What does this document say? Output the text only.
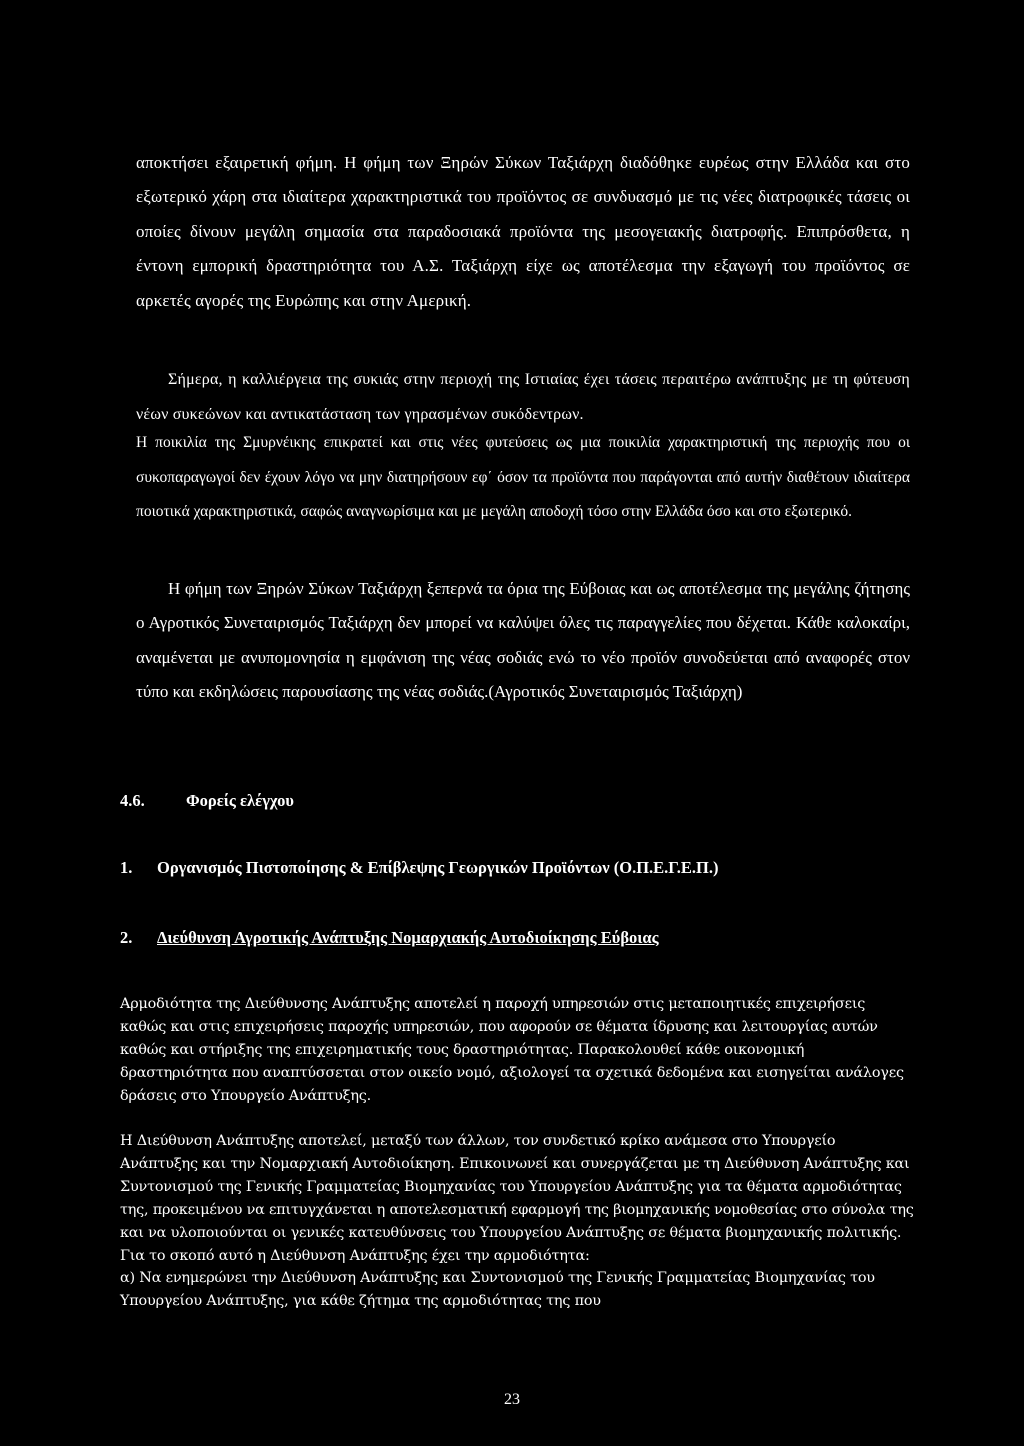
αποκτήσει εξαιρετική φήμη. Η φήμη των Ξηρών Σύκων Ταξιάρχη διαδόθηκε ευρέως στην Ελλάδα και στο εξωτερικό χάρη στα ιδιαίτερα χαρακτηριστικά του προϊόντος σε συνδυασμό με τις νέες διατροφικές τάσεις οι οποίες δίνουν μεγάλη σημασία στα παραδοσιακά προϊόντα της μεσογειακής διατροφής. Επιπρόσθετα, η έντονη εμπορική δραστηριότητα του Α.Σ. Ταξιάρχη είχε ως αποτέλεσμα την εξαγωγή του προϊόντος σε αρκετές αγορές της Ευρώπης και στην Αμερική.

Σήμερα, η καλλιέργεια της συκιάς στην περιοχή της Ιστιαίας έχει τάσεις περαιτέρω ανάπτυξης με τη φύτευση νέων συκεώνων και αντικατάσταση των γηρασμένων συκόδεντρων.

Η ποικιλία της Σμυρνέικης επικρατεί και στις νέες φυτεύσεις ως μια ποικιλία χαρακτηριστική της περιοχής που οι συκοπαραγωγοί δεν έχουν λόγο να μην διατηρήσουν εφ΄ όσον τα προϊόντα που παράγονται από αυτήν διαθέτουν ιδιαίτερα ποιοτικά χαρακτηριστικά, σαφώς αναγνωρίσιμα και με μεγάλη αποδοχή τόσο στην Ελλάδα όσο και στο εξωτερικό.

Η φήμη των Ξηρών Σύκων Ταξιάρχη ξεπερνά τα όρια της Εύβοιας και ως αποτέλεσμα της μεγάλης ζήτησης ο Αγροτικός Συνεταιρισμός Ταξιάρχη δεν μπορεί να καλύψει όλες τις παραγγελίες που δέχεται. Κάθε καλοκαίρι, αναμένεται με ανυπομονησία η εμφάνιση της νέας σοδιάς ενώ το νέο προϊόν συνοδεύεται από αναφορές στον τύπο και εκδηλώσεις παρουσίασης της νέας σοδιάς.(Αγροτικός Συνεταιρισμός Ταξιάρχη)

4.6.	Φορείς ελέγχου

1. Οργανισμός Πιστοποίησης & Επίβλεψης Γεωργικών Προϊόντων (Ο.Π.Ε.Γ.Ε.Π.)

2. Διεύθυνση Αγροτικής Ανάπτυξης Νομαρχιακής Αυτοδιοίκησης Εύβοιας

Αρμοδιότητα της Διεύθυνσης Ανάπτυξης αποτελεί η παροχή υπηρεσιών στις μεταποιητικές επιχειρήσεις καθώς και στις επιχειρήσεις παροχής υπηρεσιών, που αφορούν σε θέματα ίδρυσης και λειτουργίας αυτών καθώς και στήριξης της επιχειρηματικής τους δραστηριότητας. Παρακολουθεί κάθε οικονομική δραστηριότητα που αναπτύσσεται στον οικείο νομό, αξιολογεί τα σχετικά δεδομένα και εισηγείται ανάλογες δράσεις στο Υπουργείο Ανάπτυξης.

Η Διεύθυνση Ανάπτυξης αποτελεί, μεταξύ των άλλων, τον συνδετικό κρίκο ανάμεσα στο Υπουργείο Ανάπτυξης και την Νομαρχιακή Αυτοδιοίκηση. Επικοινωνεί και συνεργάζεται με τη Διεύθυνση Ανάπτυξης και Συντονισμού της Γενικής Γραμματείας Βιομηχανίας του Υπουργείου Ανάπτυξης για τα θέματα αρμοδιότητας της, προκειμένου να επιτυγχάνεται η αποτελεσματική εφαρμογή της βιομηχανικής νομοθεσίας στο σύνολα της και να υλοποιούνται οι γενικές κατευθύνσεις του Υπουργείου Ανάπτυξης σε θέματα βιομηχανικής πολιτικής.
Για το σκοπό αυτό η Διεύθυνση Ανάπτυξης έχει την αρμοδιότητα:
α) Να ενημερώνει την Διεύθυνση Ανάπτυξης και Συντονισμού της Γενικής Γραμματείας Βιομηχανίας του Υπουργείου Ανάπτυξης, για κάθε ζήτημα της αρμοδιότητας της που

23
